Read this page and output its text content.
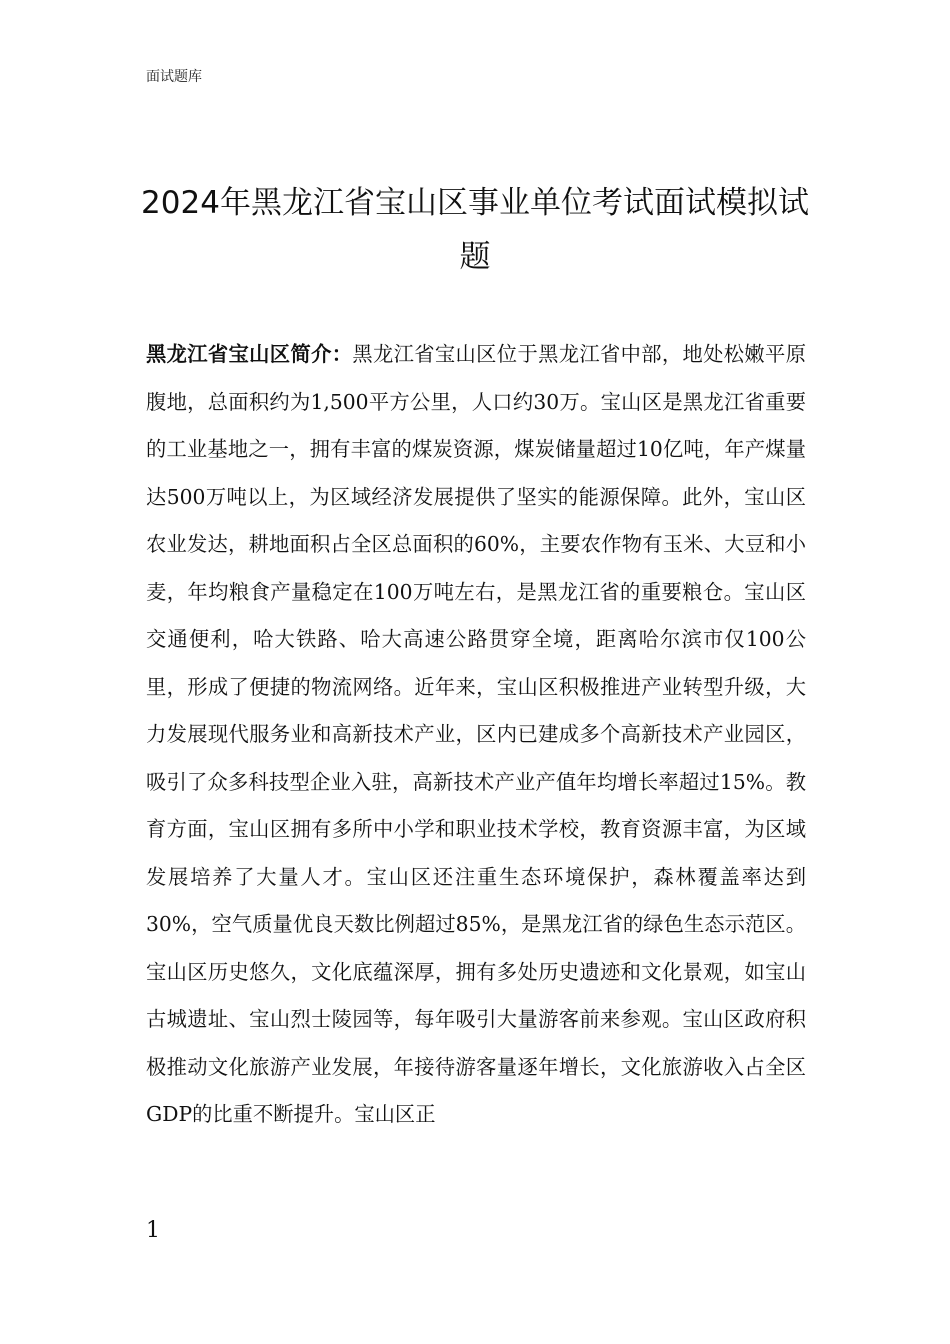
面试题库
2024年黑龙江省宝山区事业单位考试面试模拟试题

黑龙江省宝山区简介：黑龙江省宝山区位于黑龙江省中部，地处松嫩平原腹地，总面积约为1,500平方公里，人口约30万。宝山区是黑龙江省重要的工业基地之一，拥有丰富的煤炭资源，煤炭储量超过10亿吨，年产煤量达500万吨以上，为区域经济发展提供了坚实的能源保障。此外，宝山区农业发达，耕地面积占全区总面积的60%，主要农作物有玉米、大豆和小麦，年均粮食产量稳定在100万吨左右，是黑龙江省的重要粮仓。宝山区交通便利，哈大铁路、哈大高速公路贯穿全境，距离哈尔滨市仅100公里，形成了便捷的物流网络。近年来，宝山区积极推进产业转型升级，大力发展现代服务业和高新技术产业，区内已建成多个高新技术产业园区，吸引了众多科技型企业入驻，高新技术产业产值年均增长率超过15%。教育方面，宝山区拥有多所中小学和职业技术学校，教育资源丰富，为区域发展培养了大量人才。宝山区还注重生态环境保护，森林覆盖率达到30%，空气质量优良天数比例超过85%，是黑龙江省的绿色生态示范区。宝山区历史悠久，文化底蕴深厚，拥有多处历史遗迹和文化景观，如宝山古城遗址、宝山烈士陵园等，每年吸引大量游客前来参观。宝山区政府积极推动文化旅游产业发展，年接待游客量逐年增长，文化旅游收入占全区GDP的比重不断提升。宝山区正

1
